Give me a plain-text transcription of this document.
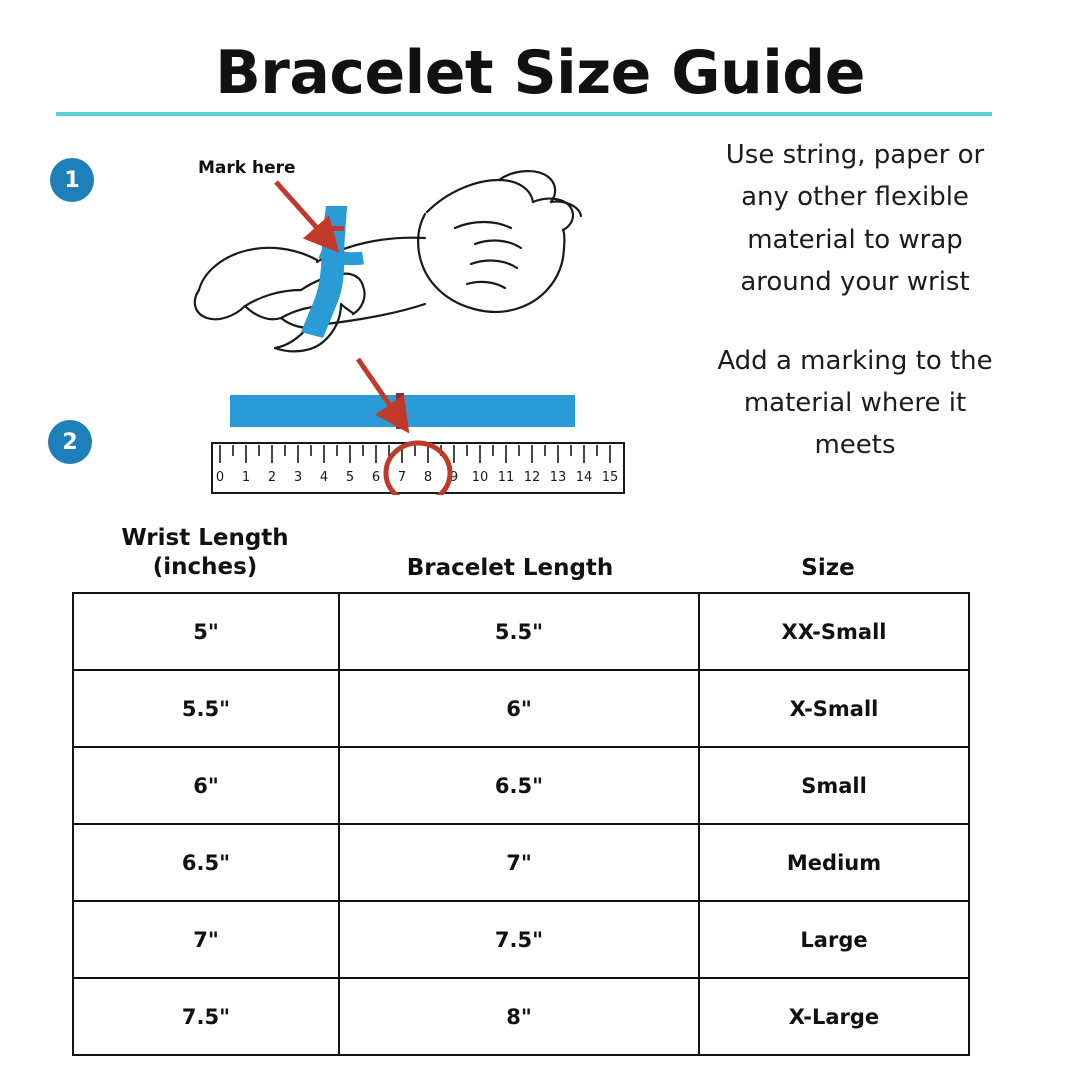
Bracelet Size Guide
1
2
Mark here
0 1 2 3 4 5 6 7 8 9 10 11 12 13 14 15
Use string, paper or any other flexible material to wrap around your wrist
Add a marking to the material where it meets
Wrist Length
(inches)	Bracelet Length	Size
5"	5.5"	XX-Small
5.5"	6"	X-Small
6"	6.5"	Small
6.5"	7"	Medium
7"	7.5"	Large
7.5"	8"	X-Large
